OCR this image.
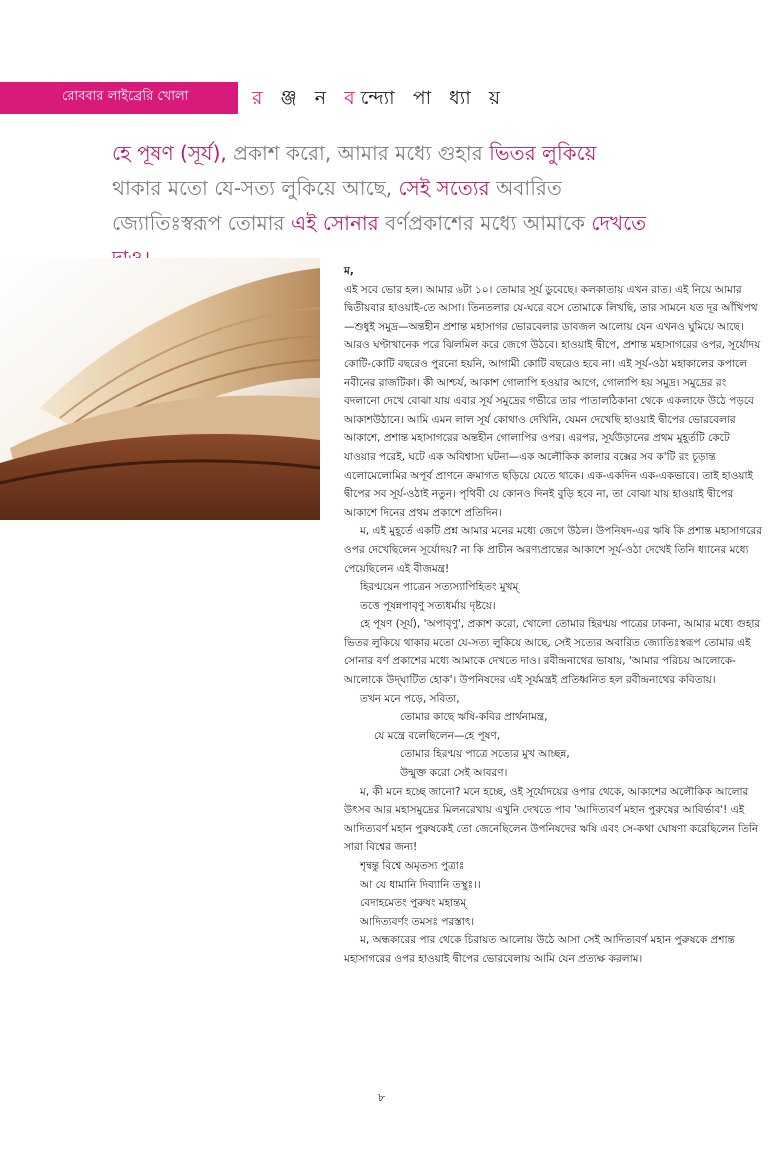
রোববার লাইব্রেরি খোলা	র ঞ্জ ন বন্দ্যো পা ধ্যা য়
হে পূষণ (সূর্য), প্রকাশ করো, আমার মধ্যে গুহার ভিতর লুকিয়ে থাকার মতো যে-সত্য লুকিয়ে আছে, সেই সত্যের অবারিত জ্যোতিঃস্বরূপ তোমার এই সোনার বর্ণপ্রকাশের মধ্যে আমাকে দেখতে

ম,

এই সবে ভোর হল। আমার ৬টা ১০। তোমার সূর্য ডুবেছে। কলকাতায় এখন রাত। এই নিয়ে আমার দ্বিতীয়বার হাওয়াই-তে আসা। তিনতলার যে-ঘরে বসে তোমাকে লিখছি, তার সামনে যত দূর আঁখিপথ—শুধুই সমুদ্র—অন্তহীন প্রশান্ত মহাসাগর ভোরবেলার ডাবজল আলোয় যেন এখনও ঘুমিয়ে আছে। আরও ঘণ্টাখানেক পরে ঝিলমিল করে জেগে উঠবে। হাওয়াই দ্বীপে, প্রশান্ত মহাসাগরের ওপর, সূর্যোদয় কোটি-কোটি বছরেও পুরনো হয়নি, আগামী কোটি বছরেও হবে না। এই সূর্য-ওঠা মহাকালের কপালে নবীনের রাজটিকা। কী আশ্চর্য, আকাশ গোলাপি হওয়ার আগে, গোলাপি হয় সমুদ্র। সমুদ্রের রং বদলানো দেখে বোঝা যায় এবার সূর্য সমুদ্রের গভীরে তার পাতালঠিকানা থেকে একলাফে উঠে পড়বে আকাশউঠানে। আমি এমন লাল সূর্য কোথাও দেখিনি, যেমন দেখেছি হাওয়াই দ্বীপের ভোরবেলার আকাশে, প্রশান্ত মহাসাগরের অন্তহীন গোলাপির ওপর। এরপর, সূর্যউড়ানের প্রথম মুহূর্তটি কেটে যাওয়ার পরেই, ঘটে এক অবিশ্বাস্য ঘটনা—এক অলৌকিক কালার বক্সের সব ক'টি রং চূড়ান্ত এলোমেলোমির অপূর্ব প্রাণনে ক্রমাগত ছড়িয়ে যেতে থাকে। এক-একদিন এক-একভাবে। তাই হাওয়াই দ্বীপের সব সূর্য-ওঠাই নতুন। পৃথিবী যে কোনও দিনই বুড়ি হবে না, তা বোঝা যায় হাওয়াই দ্বীপের আকাশে দিনের প্রথম প্রকাশে প্রতিদিন।

ম, এই মুহূর্তে একটি প্রশ্ন আমার মনের মধ্যে জেগে উঠল। উপনিষদ-এর ঋষি কি প্রশান্ত মহাসাগরের ওপর দেখেছিলেন সূর্যোদয়? না কি প্রাচীন অরণ্যপ্রান্তের আকাশে সূর্য-ওঠা দেখেই তিনি ধ্যানের মধ্যে পেয়েছিলেন এই বীজমন্ত্র!

হিরণ্ময়েন পাত্রেন সত্যস্যাপিহিতং মুখম্‌

তত্তে পূষন্নপাবৃণু সত্যধর্মায় দৃষ্টয়ে।

হে পূষণ (সূর্য), 'অপাবৃণু', প্রকাশ করো, খোলো তোমার হিরণ্ময় পাত্রের ঢাকনা, আমার মধ্যে গুহার ভিতর লুকিয়ে থাকার মতো যে-সত্য লুকিয়ে আছে, সেই সত্যের অবারিত জ্যোতিঃস্বরূপ তোমার এই সোনার বর্ণ প্রকাশের মধ্যে আমাকে দেখতে দাও। রবীন্দ্রনাথের ভাষায়, 'আমার পরিচয় আলোকে-আলোকে উদ্‌ঘাটিত হোক'। উপনিষদের এই সূর্যমন্ত্রই প্রতিধ্বনিত হল রবীন্দ্রনাথের কবিতায়।

তখন মনে পড়ে, সবিতা,

তোমার কাছে ঋষি-কবির প্রার্থনামন্ত্র,

যে মন্ত্রে বলেছিলেন—হে পূষণ,

তোমার হিরণ্ময় পাত্রে সত্যের মুখ আচ্ছন্ন,

উন্মুক্ত করো সেই আবরণ।

ম, কী মনে হচ্ছে জানো? মনে হচ্ছে, ওই সূর্যোদয়ের ওপার থেকে, আকাশের অলৌকিক আলোর উৎসব আর মহাসমুদ্রের মিলনরেখায় এখুনি দেখতে পাব 'আদিত্যবর্ণ মহান পুরুষের আবির্ভাব'! এই আদিত্যবর্ণ মহান পুরুষকেই তো জেনেছিলেন উপনিষদের ঋষি এবং সে-কথা ঘোষণা করেছিলেন তিনি সারা বিশ্বের জন্য!

শৃন্বন্তু বিশ্বে অমৃতস্য পুত্রাঃ

আ যে ধামানি দিব্যানি তস্থুঃ।।

বেদাহমেতং পুরুষং মহান্তম্‌

আদিত্যবর্ণং তমসঃ পরস্তাৎ।

ম, অন্ধকারের পার থেকে চিরায়ত আলোয় উঠে আসা সেই আদিত্যবর্ণ মহান পুরুষকে প্রশান্ত মহাসাগরের ওপর হাওয়াই দ্বীপের ভোরবেলায় আমি যেন প্রত্যক্ষ করলাম।

৮
